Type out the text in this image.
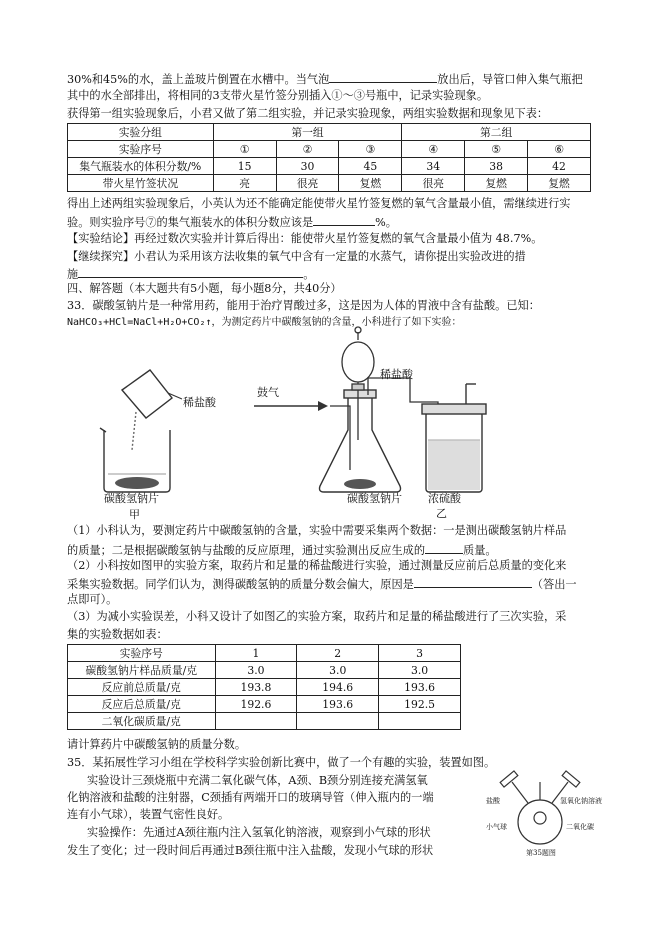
30%和45%的水，盖上盖玻片倒置在水槽中。当气泡	放出后，导管口伸入集气瓶把
其中的水全部排出，将相同的3支带火星竹签分别插入①～③号瓶中，记录实验现象。
获得第一组实验现象后，小君又做了第二组实验，并记录实验现象，两组实验数据和现象见下表：
实验分组	第一组			第二组		
实验序号	①	②	③	④	⑤	⑥
集气瓶装水的体积分数/%	15	30	45	34	38	42
带火星竹签状况	亮	很亮	复燃	很亮	复燃	复燃
得出上述两组实验现象后，小英认为还不能确定能使带火星竹签复燃的氧气含量最小值，需继续进行实
验。则实验序号⑦的集气瓶装水的体积分数应该是	%。
【实验结论】再经过数次实验并计算后得出：能使带火星竹签复燃的氧气含量最小值为 48.7%。
【继续探究】小君认为采用该方法收集的氧气中含有一定量的水蒸气，请你提出实验改进的措
施	。
四、解答题（本大题共有5小题，每小题8分，共40分）
33．碳酸氢钠片是一种常用药，能用于治疗胃酸过多，这是因为人体的胃液中含有盐酸。已知：
NaHCO₃+HCl=NaCl+H₂O+CO₂↑，为测定药片中碳酸氢钠的含量，小科进行了如下实验：
稀盐酸
稀盐酸
鼓气
碳酸氢钠片
甲
碳酸氢钠片 浓硫酸
乙
（1）小科认为，要测定药片中碳酸氢钠的含量，实验中需要采集两个数据：一是测出碳酸氢钠片样品
的质量；二是根据碳酸氢钠与盐酸的反应原理，通过实验测出反应生成的	质量。
（2）小科按如图甲的实验方案，取药片和足量的稀盐酸进行实验，通过测量反应前后总质量的变化来
采集实验数据。同学们认为，测得碳酸氢钠的质量分数会偏大，原因是	（答出一
点即可）。
（3）为减小实验误差，小科又设计了如图乙的实验方案，取药片和足量的稀盐酸进行了三次实验，采
集的实验数据如表：
实验序号	1	2	3
碳酸氢钠片样品质量/克	3.0	3.0	3.0
反应前总质量/克	193.8	194.6	193.6
反应后总质量/克	192.6	193.6	192.5
二氧化碳质量/克			
请计算药片中碳酸氢钠的质量分数。
35．某拓展性学习小组在学校科学实验创新比赛中，做了一个有趣的实验，装置如图。
实验设计三颈烧瓶中充满二氧化碳气体，A颈、B颈分别连接充满氢氧
化钠溶液和盐酸的注射器，C颈插有两端开口的玻璃导管（伸入瓶内的一端
连有小气球），装置气密性良好。
实验操作：先通过A颈往瓶内注入氢氧化钠溶液，观察到小气球的形状
发生了变化；过一段时间后再通过B颈往瓶中注入盐酸，发现小气球的形状
盐酸	氢氧化钠溶液
小气球	二氧化碳
第35题图
